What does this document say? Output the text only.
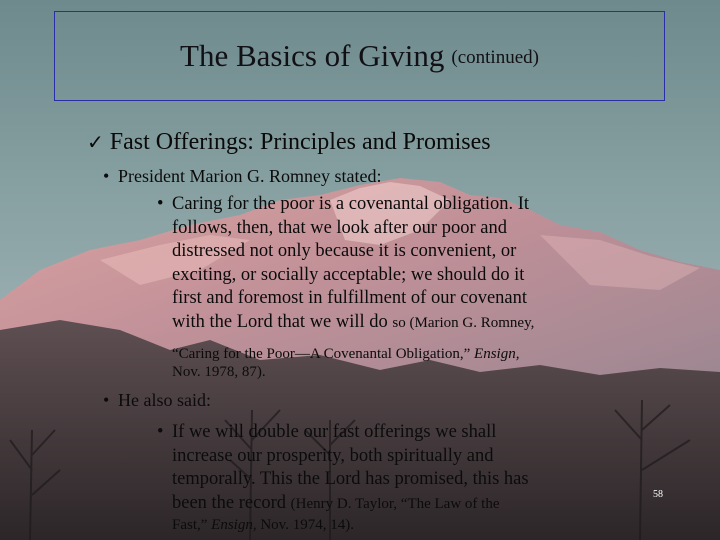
The Basics of Giving (continued)
✓ Fast Offerings: Principles and Promises
• President Marion G. Romney stated:
• Caring for the poor is a covenantal obligation. It
follows, then, that we look after our poor and
distressed not only because it is convenient, or
exciting, or socially acceptable; we should do it
first and foremost in fulfillment of our covenant
with the Lord that we will do so (Marion G. Romney,
“Caring for the Poor—A Covenantal Obligation,” Ensign,
Nov. 1978, 87).
• He also said:
• If we will double our fast offerings we shall
increase our prosperity, both spiritually and
temporally. This the Lord has promised, this has
been the record (Henry D. Taylor, “The Law of the
Fast,” Ensign, Nov. 1974, 14).
58
